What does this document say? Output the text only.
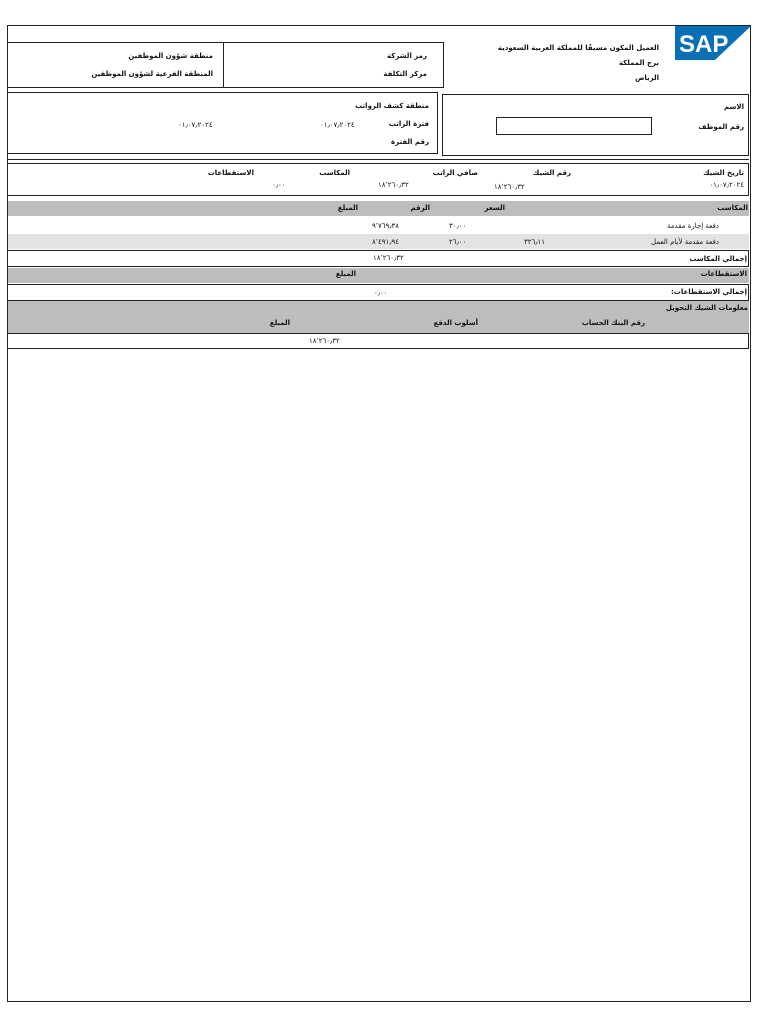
SAP
العميل المكون مسبقًا للمملكة العربية السعودية
برج المملكة
الرياض
رمز الشركة
مركز التكلفة
منطقة شؤون الموظفين
المنطقة الفرعية لشؤون الموظفين
الاسم
رقم الموظف
منطقة كشف الرواتب
فترة الراتب
٠١٫٠٧٫٢٠٢٤
٠١٫٠٧٫٢٠٢٤
رقم الفترة
تاريخ الشيك
٠١٫٠٧٫٢٠٢٤
رقم الشيك
صافي الراتب
١٨٬٢٦٠٫٣٢
المكاسب
١٨٬٢٦٠٫٣٢
الاستقطاعات
٠٫٠٠
المكاسب
السعر
الرقم
المبلغ
دفعة إجارة مقدمة
٣٠٫٠٠
٩٬٧٦٩٫٣٨
دفعة مقدمة لأيام العمل
٣٢٦٫١١
٢٦٫٠٠
٨٬٤٩١٫٩٤
إجمالي المكاسب
١٨٬٢٦٠٫٣٢
الاستقطاعات
المبلغ
إجمالي الاستقطاعات:
٠٫٠٠
معلومات الشيك التحويل
رقم البنك الحساب
أسلوب الدفع
المبلغ
١٨٬٢٦٠٫٣٢
